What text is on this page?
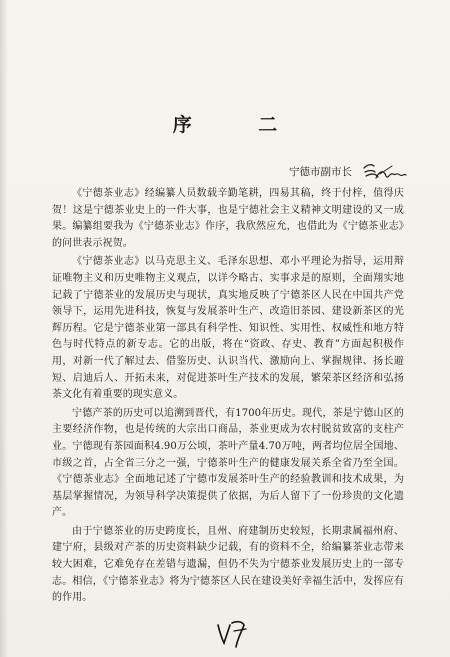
序 二
宁德市副市长

《宁德茶业志》经编纂人员数载辛勤笔耕，四易其稿，终于付梓，值得庆贺！这是宁德茶业史上的一件大事，也是宁德社会主义精神文明建设的又一成果。编纂组要我为《宁德茶业志》作序，我欣然应允，也借此为《宁德茶业志》的问世表示祝贺。

《宁德茶业志》以马克思主义、毛泽东思想、邓小平理论为指导，运用辩证唯物主义和历史唯物主义观点，以详今略古、实事求是的原则，全面翔实地记载了宁德茶业的发展历史与现状，真实地反映了宁德茶区人民在中国共产党领导下，运用先进科技，恢复与发展茶叶生产、改造旧茶园、建设新茶区的光辉历程。它是宁德茶业第一部具有科学性、知识性、实用性、权威性和地方特色与时代特点的新专志。它的出版，将在“资政、存史、教育”方面起积极作用，对新一代了解过去、借鉴历史、认识当代、激励向上、掌握规律、扬长避短、启迪后人、开拓未来，对促进茶叶生产技术的发展，繁荣茶区经济和弘扬茶文化有着重要的现实意义。

宁德产茶的历史可以追溯到晋代，有1700年历史。现代，茶是宁德山区的主要经济作物，也是传统的大宗出口商品，茶业更成为农村脱贫致富的支柱产业。宁德现有茶园面积4.90万公顷，茶叶产量4.70万吨，两者均位居全国地、市级之首，占全省三分之一强，宁德茶叶生产的健康发展关系全省乃至全国。《宁德茶业志》全面地记述了宁德市发展茶叶生产的经验教训和技术成果，为基层掌握情况，为领导科学决策提供了依据，为后人留下了一份珍贵的文化遗产。

由于宁德茶业的历史跨度长，且州、府建制历史较短，长期隶属福州府、建宁府，县级对产茶的历史资料缺少记载，有的资料不全，给编纂茶业志带来较大困难，它难免存在差错与遗漏，但仍不失为宁德茶业发展历史上的一部专志。相信，《宁德茶业志》将为宁德茶区人民在建设美好幸福生活中，发挥应有的作用。
